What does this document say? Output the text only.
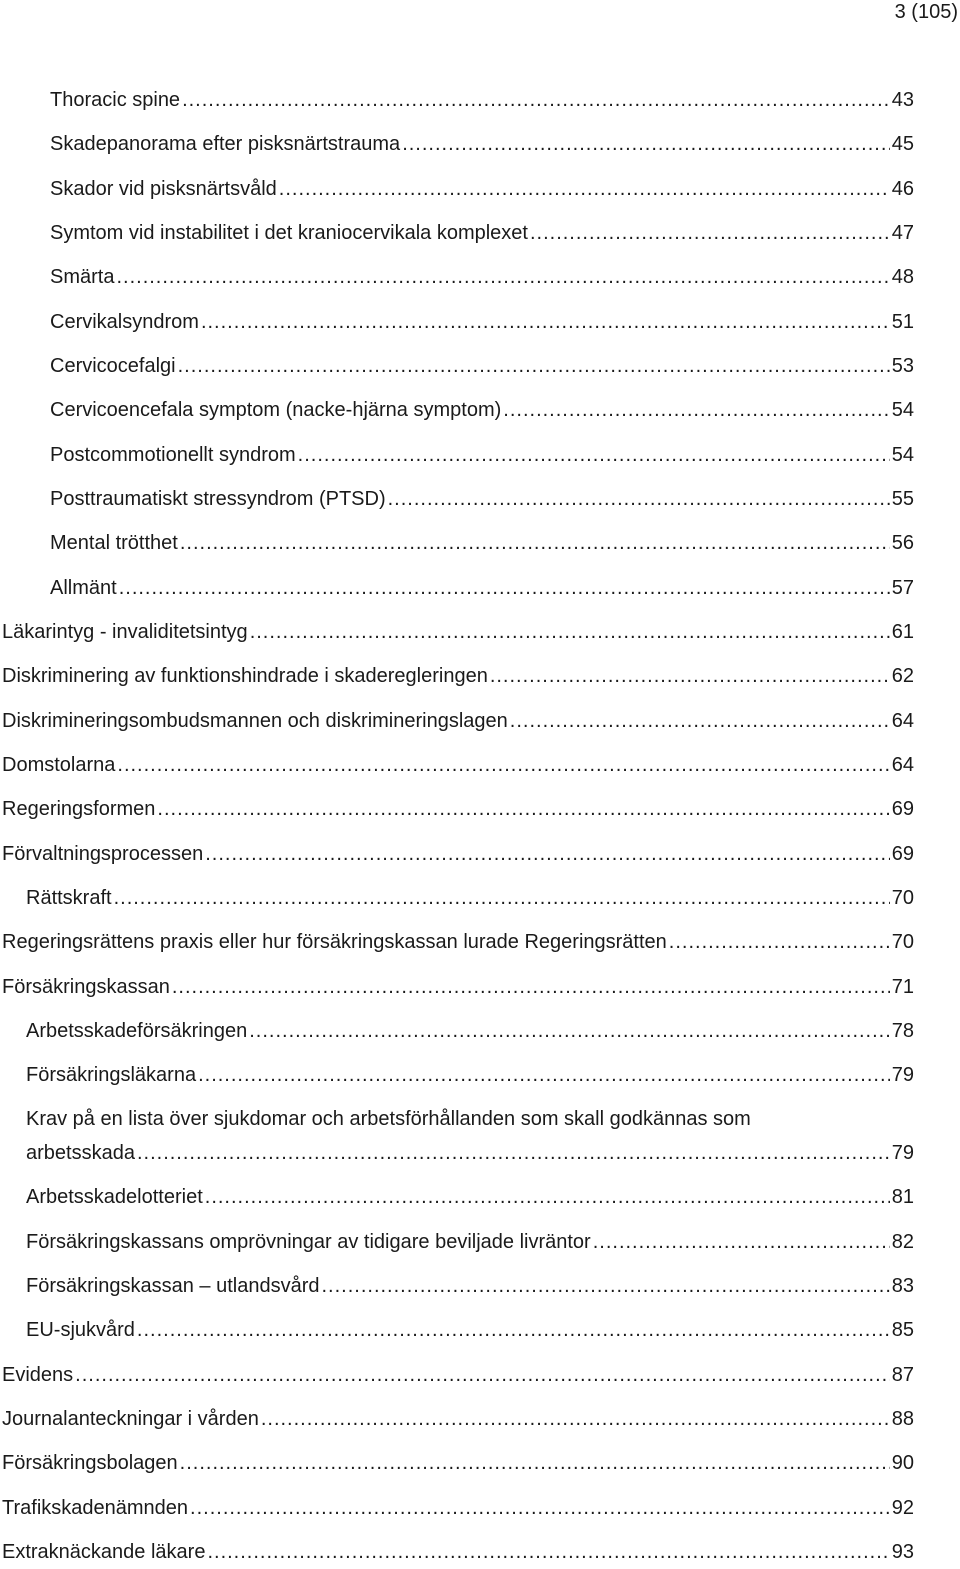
3 (105)
Thoracic spine .....	43
Skadepanorama efter pisksnärtstrauma .....	45
Skador vid pisksnärtsvåld .....	46
Symtom vid instabilitet i det kraniocervikala komplexet .....	47
Smärta .....	48
Cervikalsyndrom .....	51
Cervicocefalgi .....	53
Cervicoencefala symptom (nacke-hjärna symptom) .....	54
Postcommotionellt syndrom .....	54
Posttraumatiskt stressyndrom (PTSD) .....	55
Mental trötthet .....	56
Allmänt .....	57
Läkarintyg - invaliditetsintyg .....	61
Diskriminering av funktionshindrade i skaderegleringen .....	62
Diskrimineringsombudsmannen och diskrimineringslagen .....	64
Domstolarna .....	64
Regeringsformen .....	69
Förvaltningsprocessen .....	69
Rättskraft .....	70
Regeringsrättens praxis eller hur försäkringskassan lurade Regeringsrätten .....	70
Försäkringskassan .....	71
Arbetsskadeförsäkringen .....	78
Försäkringsläkarna .....	79
Krav på en lista över sjukdomar och arbetsförhållanden som skall godkännas som
arbetsskada .....	79
Arbetsskadelotteriet .....	81
Försäkringskassans omprövningar av tidigare beviljade livräntor .....	82
Försäkringskassan – utlandsvård .....	83
EU-sjukvård .....	85
Evidens .....	87
Journalanteckningar i vården .....	88
Försäkringsbolagen .....	90
Trafikskadenämnden .....	92
Extraknäckande läkare .....	93
